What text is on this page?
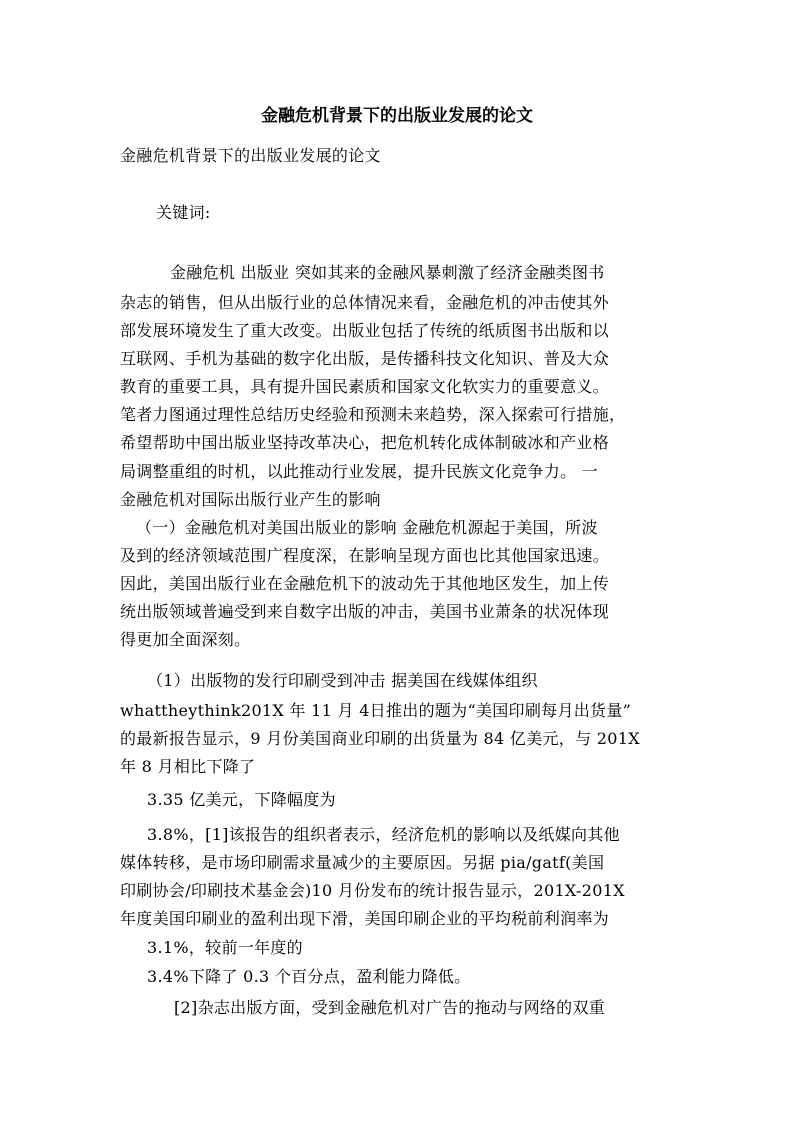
金融危机背景下的出版业发展的论文
金融危机背景下的出版业发展的论文
关键词:
金融危机 出版业 突如其来的金融风暴刺激了经济金融类图书
杂志的销售，但从出版行业的总体情况来看，金融危机的冲击使其外
部发展环境发生了重大改变。出版业包括了传统的纸质图书出版和以
互联网、手机为基础的数字化出版，是传播科技文化知识、普及大众
教育的重要工具，具有提升国民素质和国家文化软实力的重要意义。
笔者力图通过理性总结历史经验和预测未来趋势，深入探索可行措施，
希望帮助中国出版业坚持改革决心，把危机转化成体制破冰和产业格
局调整重组的时机，以此推动行业发展，提升民族文化竞争力。 一
金融危机对国际出版行业产生的影响
（一）金融危机对美国出版业的影响 金融危机源起于美国，所波
及到的经济领域范围广程度深，在影响呈现方面也比其他国家迅速。
因此，美国出版行业在金融危机下的波动先于其他地区发生，加上传
统出版领域普遍受到来自数字出版的冲击，美国书业萧条的状况体现
得更加全面深刻。
（1）出版物的发行印刷受到冲击 据美国在线媒体组织
whattheythink201X 年 11 月 4日推出的题为“美国印刷每月出货量”
的最新报告显示，9 月份美国商业印刷的出货量为 84 亿美元，与 201X
年 8 月相比下降了
3.35 亿美元，下降幅度为
3.8%，[1]该报告的组织者表示，经济危机的影响以及纸媒向其他
媒体转移，是市场印刷需求量减少的主要原因。另据 pia/gatf(美国
印刷协会/印刷技术基金会)10 月份发布的统计报告显示，201X-201X
年度美国印刷业的盈利出现下滑，美国印刷企业的平均税前利润率为
3.1%，较前一年度的
3.4%下降了 0.3 个百分点，盈利能力降低。
[2]杂志出版方面，受到金融危机对广告的拖动与网络的双重
